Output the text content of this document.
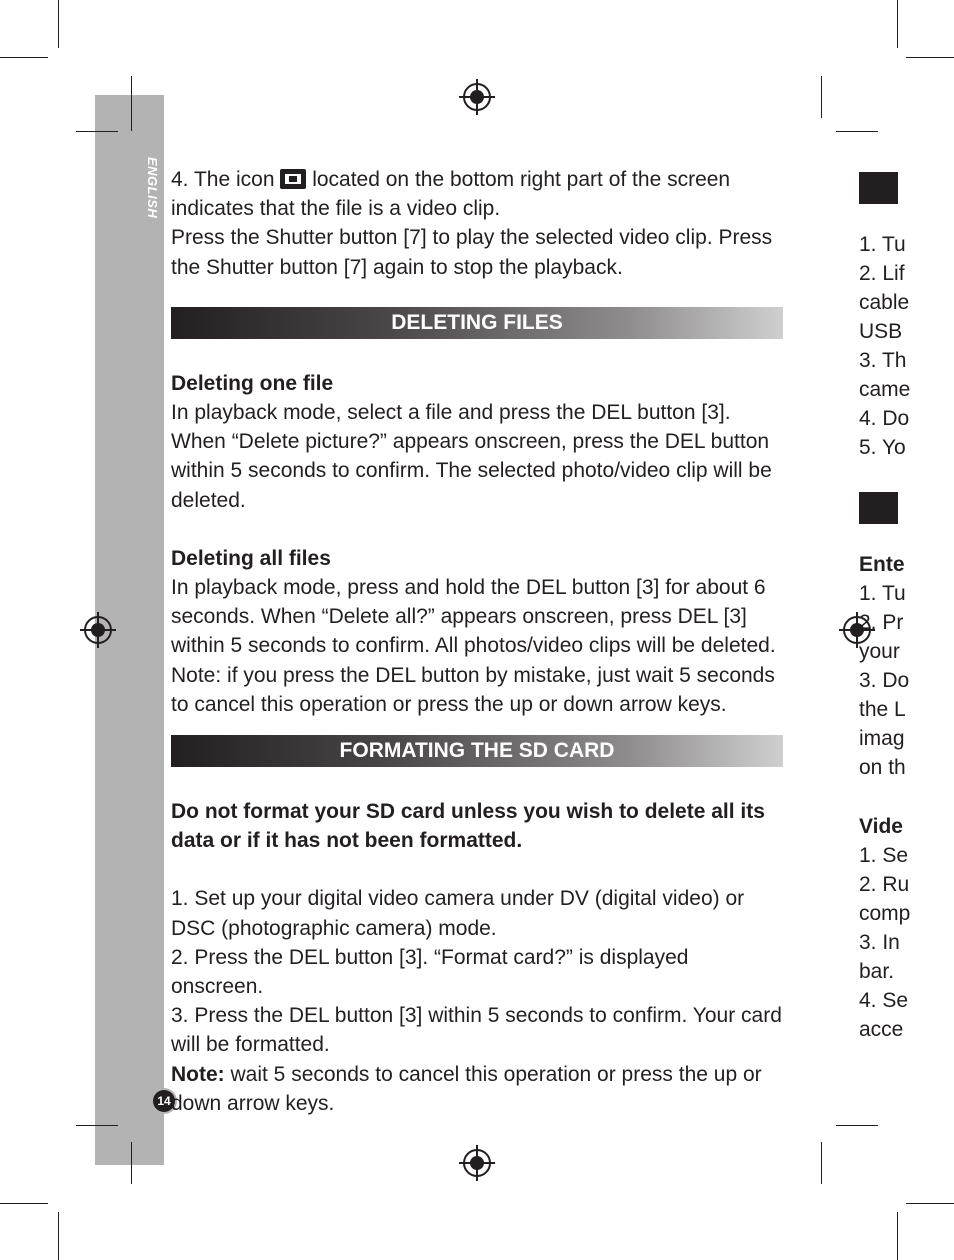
ENGLISH
14

4. The icon  located on the bottom right part of the screen indicates that the file is a video clip.

Press the Shutter button [7] to play the selected video clip. Press the Shutter button [7] again to stop the playback.

DELETING FILES

Deleting one file

In playback mode, select a file and press the DEL button [3]. When “Delete picture?” appears onscreen, press the DEL button within 5 seconds to confirm. The selected photo/video clip will be deleted.

Deleting all files

In playback mode, press and hold the DEL button [3] for about 6 seconds. When “Delete all?” appears onscreen, press DEL [3] within 5 seconds to confirm. All photos/video clips will be deleted.

Note: if you press the DEL button by mistake, just wait 5 seconds to cancel this operation or press the up or down arrow keys.

FORMATING THE SD CARD

Do not format your SD card unless you wish to delete all its data or if it has not been formatted.

1. Set up your digital video camera under DV (digital video) or DSC (photographic camera) mode.

2. Press the DEL button [3]. “Format card?” is displayed onscreen.

3. Press the DEL button [3] within 5 seconds to confirm. Your card will be formatted.

Note: wait 5 seconds to cancel this operation or press the up or down arrow keys.

1. Tu
2. Lif
cable
USB
3. Th
came
4. Do
5. Yo
Ente
1. Tu
2. Pr
your
3. Do
the L
imag
on th
Vide
1. Se
2. Ru
comp
3. In
bar.
4. Se
acce
